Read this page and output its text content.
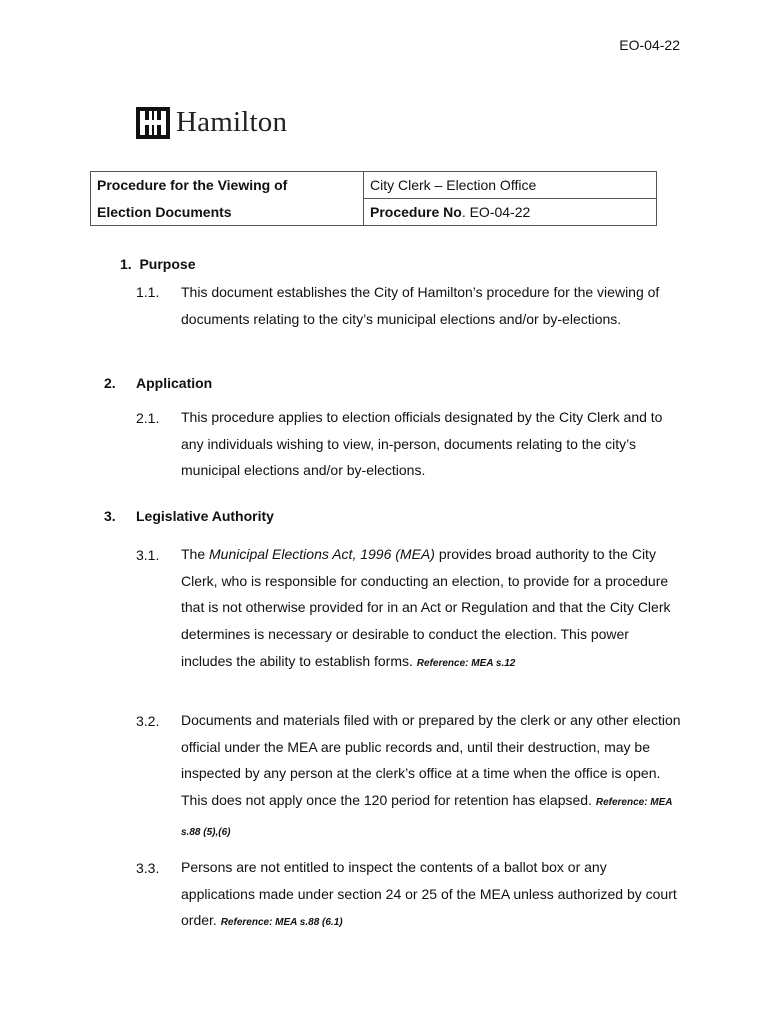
EO-04-22
Hamilton
Procedure for the Viewing of	City Clerk – Election Office
Election Documents	Procedure No. EO-04-22
1. Purpose
1.1. This document establishes the City of Hamilton’s procedure for the viewing of documents relating to the city’s municipal elections and/or by-elections.
2. Application
2.1. This procedure applies to election officials designated by the City Clerk and to any individuals wishing to view, in-person, documents relating to the city’s municipal elections and/or by-elections.
3. Legislative Authority
3.1. The Municipal Elections Act, 1996 (MEA) provides broad authority to the City Clerk, who is responsible for conducting an election, to provide for a procedure that is not otherwise provided for in an Act or Regulation and that the City Clerk determines is necessary or desirable to conduct the election. This power includes the ability to establish forms. Reference: MEA s.12
3.2. Documents and materials filed with or prepared by the clerk or any other election official under the MEA are public records and, until their destruction, may be inspected by any person at the clerk’s office at a time when the office is open. This does not apply once the 120 period for retention has elapsed. Reference: MEA s.88 (5),(6)
3.3. Persons are not entitled to inspect the contents of a ballot box or any applications made under section 24 or 25 of the MEA unless authorized by court order. Reference: MEA s.88 (6.1)
